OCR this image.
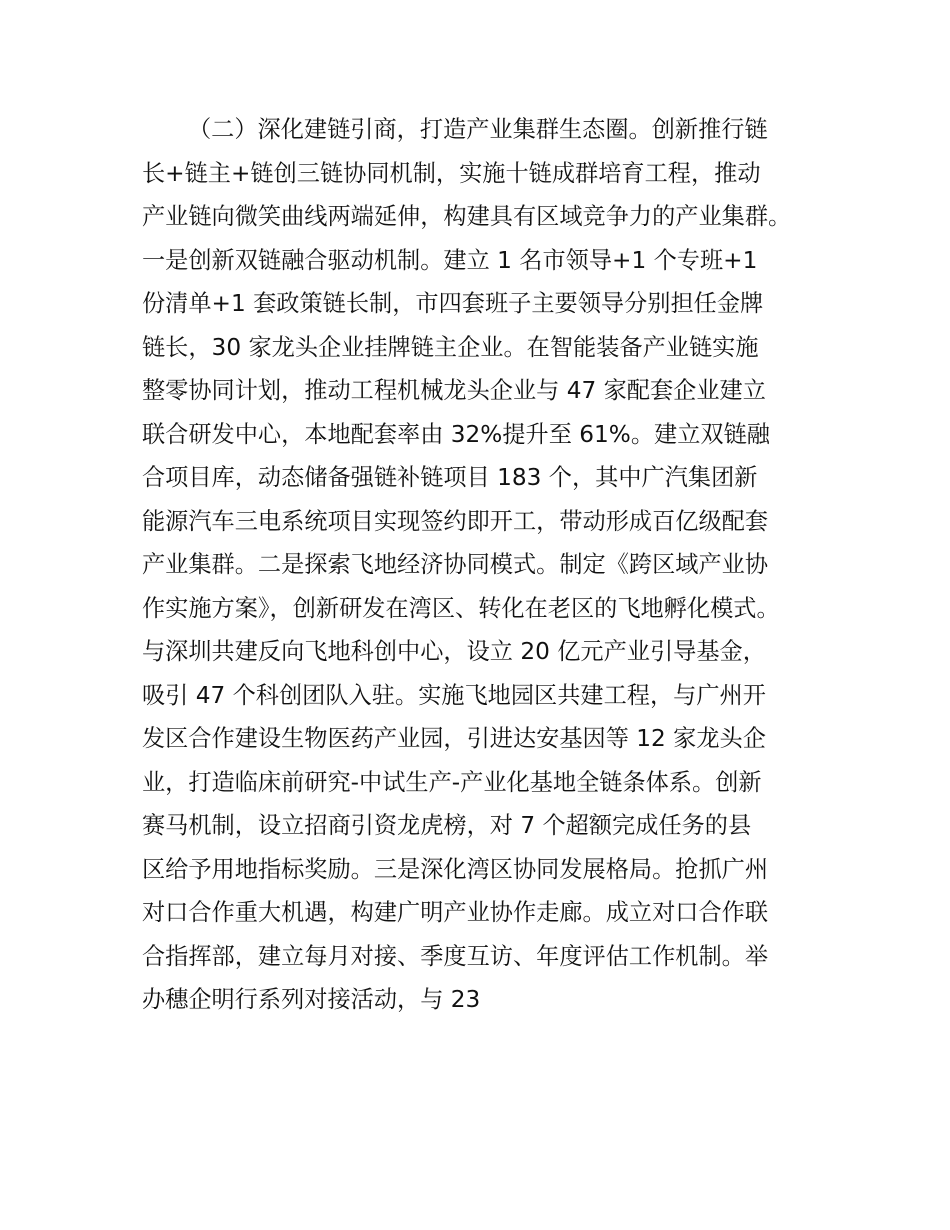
（二）深化建链引商，打造产业集群生态圈。创新推行链
长+链主+链创三链协同机制，实施十链成群培育工程，推动
产业链向微笑曲线两端延伸，构建具有区域竞争力的产业集群。
一是创新双链融合驱动机制。建立 1 名市领导+1 个专班+1
份清单+1 套政策链长制，市四套班子主要领导分别担任金牌
链长，30 家龙头企业挂牌链主企业。在智能装备产业链实施
整零协同计划，推动工程机械龙头企业与 47 家配套企业建立
联合研发中心，本地配套率由 32%提升至 61%。建立双链融
合项目库，动态储备强链补链项目 183 个，其中广汽集团新
能源汽车三电系统项目实现签约即开工，带动形成百亿级配套
产业集群。二是探索飞地经济协同模式。制定《跨区域产业协
作实施方案》，创新研发在湾区、转化在老区的飞地孵化模式。
与深圳共建反向飞地科创中心，设立 20 亿元产业引导基金，
吸引 47 个科创团队入驻。实施飞地园区共建工程，与广州开
发区合作建设生物医药产业园，引进达安基因等 12 家龙头企
业，打造临床前研究-中试生产-产业化基地全链条体系。创新
赛马机制，设立招商引资龙虎榜，对 7 个超额完成任务的县
区给予用地指标奖励。三是深化湾区协同发展格局。抢抓广州
对口合作重大机遇，构建广明产业协作走廊。成立对口合作联
合指挥部，建立每月对接、季度互访、年度评估工作机制。举
办穗企明行系列对接活动，与 23
